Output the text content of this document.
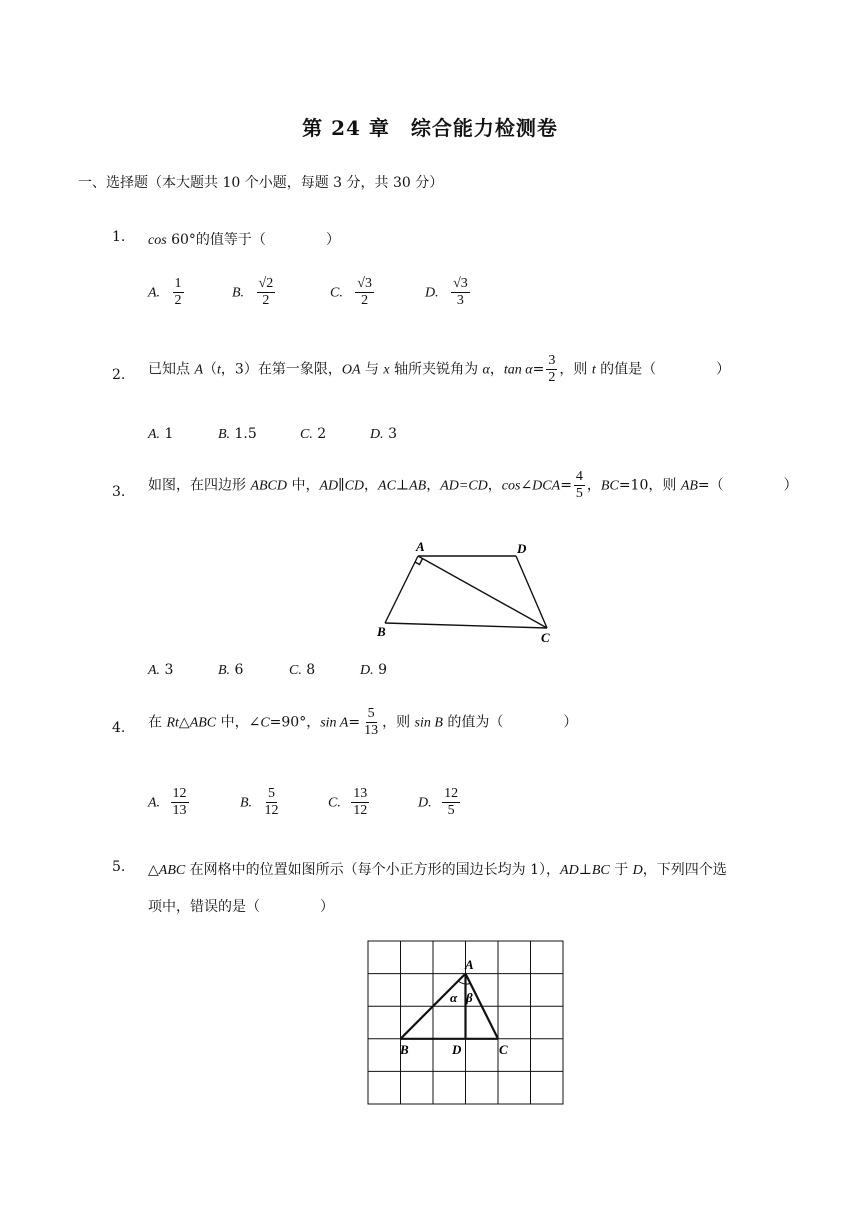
第 24 章　综合能力检测卷
一、选择题（本大题共 10 个小题，每题 3 分，共 30 分）
1. cos 60°的值等于（	）
A. $\frac{1}{2}$	B. $\frac{√2}{2}$	C. $\frac{√3}{2}$	D. $\frac{√3}{3}$
2. 已知点 A（t，3）在第一象限，OA 与 x 轴所夹锐角为 α，$\tan \alpha= \frac{3}{2}$ ，则 t 的值是（	）
A. 1	B. 1.5	C. 2	D. 3
3. 如图，在四边形 ABCD 中，AD∥CD，AC⊥AB，AD=CD，cos∠DCA= $\frac{4}{5}$ ，BC=10，则 AB=（	）
A	D
B	C
A. 3	B. 6	C. 8	D. 9
4. 在 Rt△ABC 中，∠C=90°，$\sin A= \frac{5}{13}$ ，则 sin B 的值为（	）
A. $\frac{12}{13}$	B. $\frac{5}{12}$	C. $\frac{13}{12}$	D. $\frac{12}{5}$
5. △ABC 在网格中的位置如图所示（每个小正方形的国边长均为 1），AD⊥BC 于 D，下列四个选
项中，错误的是（	）
A
B	D	C
α β
